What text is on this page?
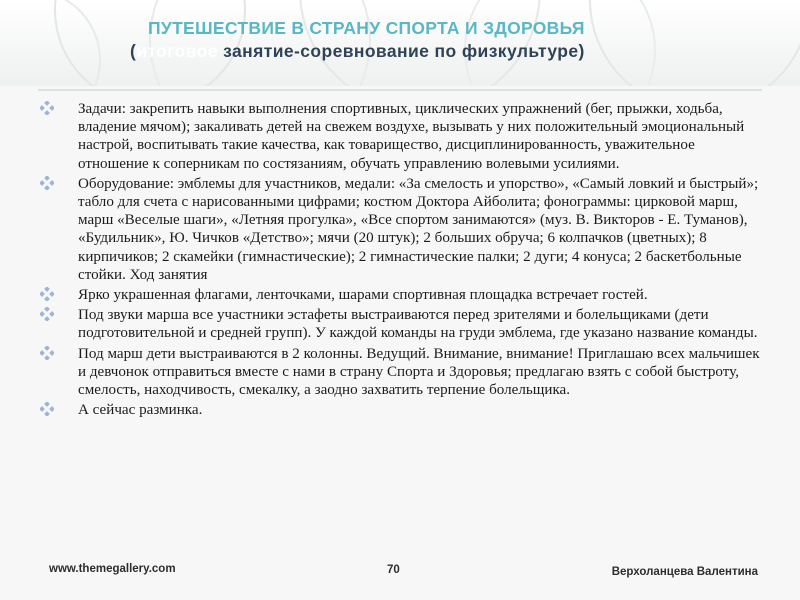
ПУТЕШЕСТВИЕ В СТРАНУ СПОРТА И ЗДОРОВЬЯ
(итоговое занятие-соревнование по физкультуре)
Задачи: закрепить навыки выполнения спортивных, циклических упражнений (бег, прыжки, ходьба, владение мячом); закаливать детей на свежем воздухе, вызывать у них положительный эмоциональный настрой, воспитывать такие качества, как товарищество, дисциплинированность, уважительное отношение к соперникам по состязаниям, обучать управлению волевыми усилиями.
Оборудование: эмблемы для участников, медали: «За смелость и упорство», «Самый ловкий и быстрый»; табло для счета с нарисованными цифрами; костюм Доктора Айболита; фонограммы: цирковой марш, марш «Веселые шаги», «Летняя прогулка», «Все спортом занимаются» (муз. В. Викторов - Е. Туманов), «Будильник», Ю. Чичков «Детство»; мячи (20 штук); 2 больших обруча; 6 колпачков (цветных); 8 кирпичиков; 2 скамейки (гимнастические); 2 гимнастические палки; 2 дуги; 4 конуса; 2 баскетбольные стойки. Ход занятия
Ярко украшенная флагами, ленточками, шарами спортивная площадка встречает гостей.
Под звуки марша все участники эстафеты выстраиваются перед зрителями и болельщиками (дети подготовительной и средней групп). У каждой команды на груди эмблема, где указано название команды.
Под марш дети выстраиваются в 2 колонны. Ведущий. Внимание, внимание! Приглашаю всех мальчишек и девчонок отправиться вместе с нами в страну Спорта и Здоровья; предлагаю взять с собой быстроту, смелость, находчивость, смекалку, а заодно захватить терпение болельщика.
А сейчас разминка.
www.themegallery.com	70	Верхоланцева Валентина
